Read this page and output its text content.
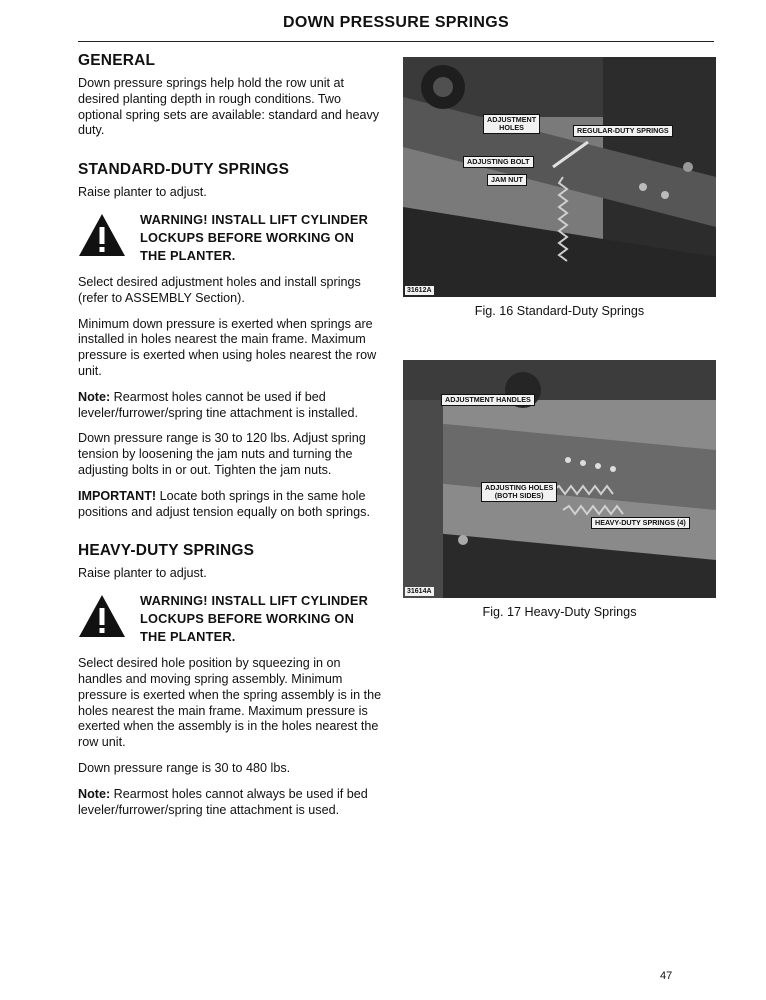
DOWN PRESSURE SPRINGS
GENERAL

Down pressure springs help hold the row unit at desired planting depth in rough conditions. Two optional spring sets are available: standard and heavy duty.

STANDARD-DUTY SPRINGS

Raise planter to adjust.

WARNING! INSTALL LIFT CYLINDER LOCKUPS BEFORE WORKING ON THE PLANTER.

Select desired adjustment holes and install springs (refer to ASSEMBLY Section).

Minimum down pressure is exerted when springs are installed in holes nearest the main frame. Maximum pressure is exerted when using holes nearest the row unit.

Note: Rearmost holes cannot be used if bed leveler/furrower/spring tine attachment is installed.

Down pressure range is 30 to 120 lbs. Adjust spring tension by loosening the jam nuts and turning the adjusting bolts in or out. Tighten the jam nuts.

IMPORTANT! Locate both springs in the same hole positions and adjust tension equally on both springs.

HEAVY-DUTY SPRINGS

Raise planter to adjust.

WARNING! INSTALL LIFT CYLINDER LOCKUPS BEFORE WORKING ON THE PLANTER.

Select desired hole position by squeezing in on handles and moving spring assembly. Minimum pressure is exerted when the spring assembly is in the holes nearest the main frame. Maximum pressure is exerted when the assembly is in the holes nearest the row unit.

Down pressure range is 30 to 480 lbs.

Note: Rearmost holes cannot always be used if bed leveler/furrower/spring tine attachment is used.

ADJUSTMENT
HOLES	REGULAR-DUTY SPRINGS
ADJUSTING BOLT
JAM NUT
31612A
Fig. 16 Standard-Duty Springs
ADJUSTMENT HANDLES
ADJUSTING HOLES
(BOTH SIDES)
HEAVY-DUTY SPRINGS (4)
31614A
Fig. 17 Heavy-Duty Springs
47
